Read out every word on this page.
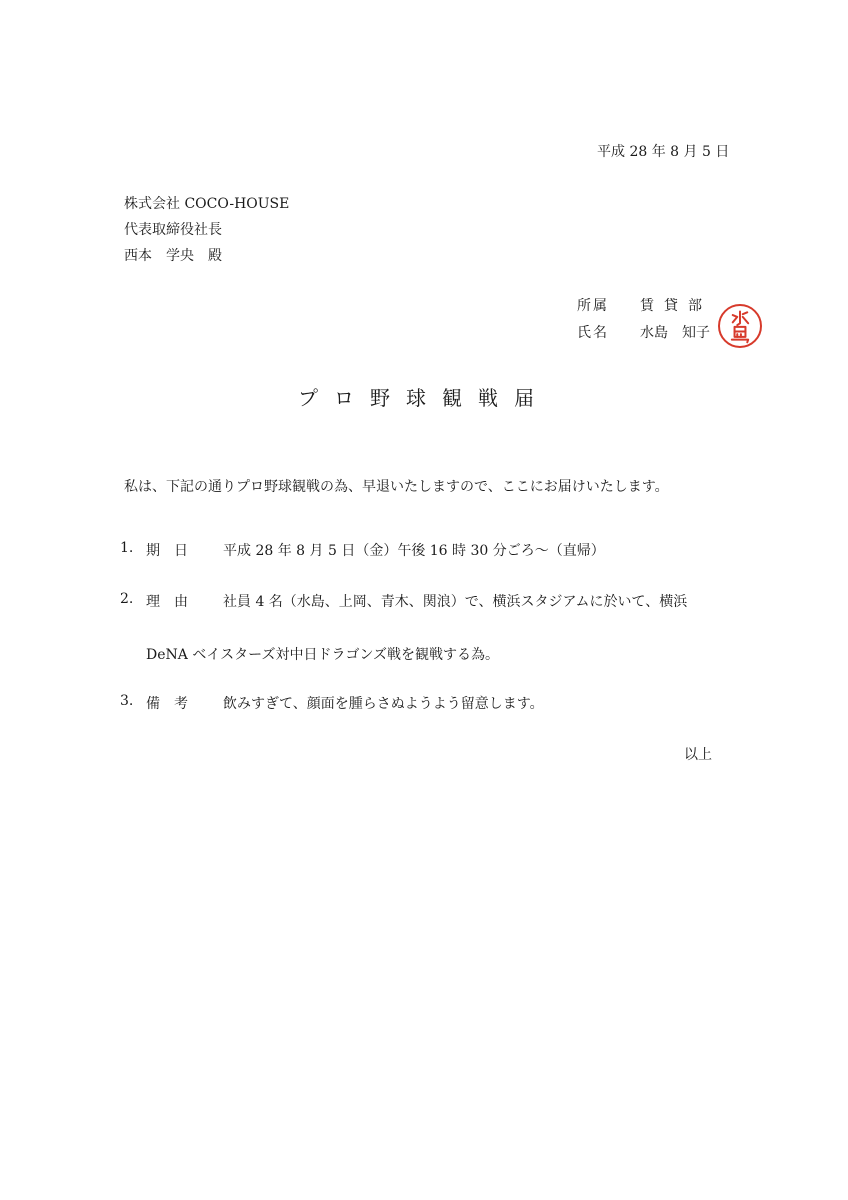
平成 28 年 8 月 5 日
株式会社 COCO-HOUSE
代表取締役社長
西本　学央　殿
所属 賃貸部
氏名 水島　知子
プロ野球観戦届
私は、下記の通りプロ野球観戦の為、早退いたしますので、ここにお届けいたします。
1. 期日 平成 28 年 8 月 5 日（金）午後 16 時 30 分ごろ～（直帰）
2. 理由 社員 4 名（水島、上岡、青木、関浪）で、横浜スタジアムに於いて、横浜
DeNA ベイスターズ対中日ドラゴンズ戦を観戦する為。
3. 備考 飲みすぎて、顔面を腫らさぬようよう留意します。
以上
